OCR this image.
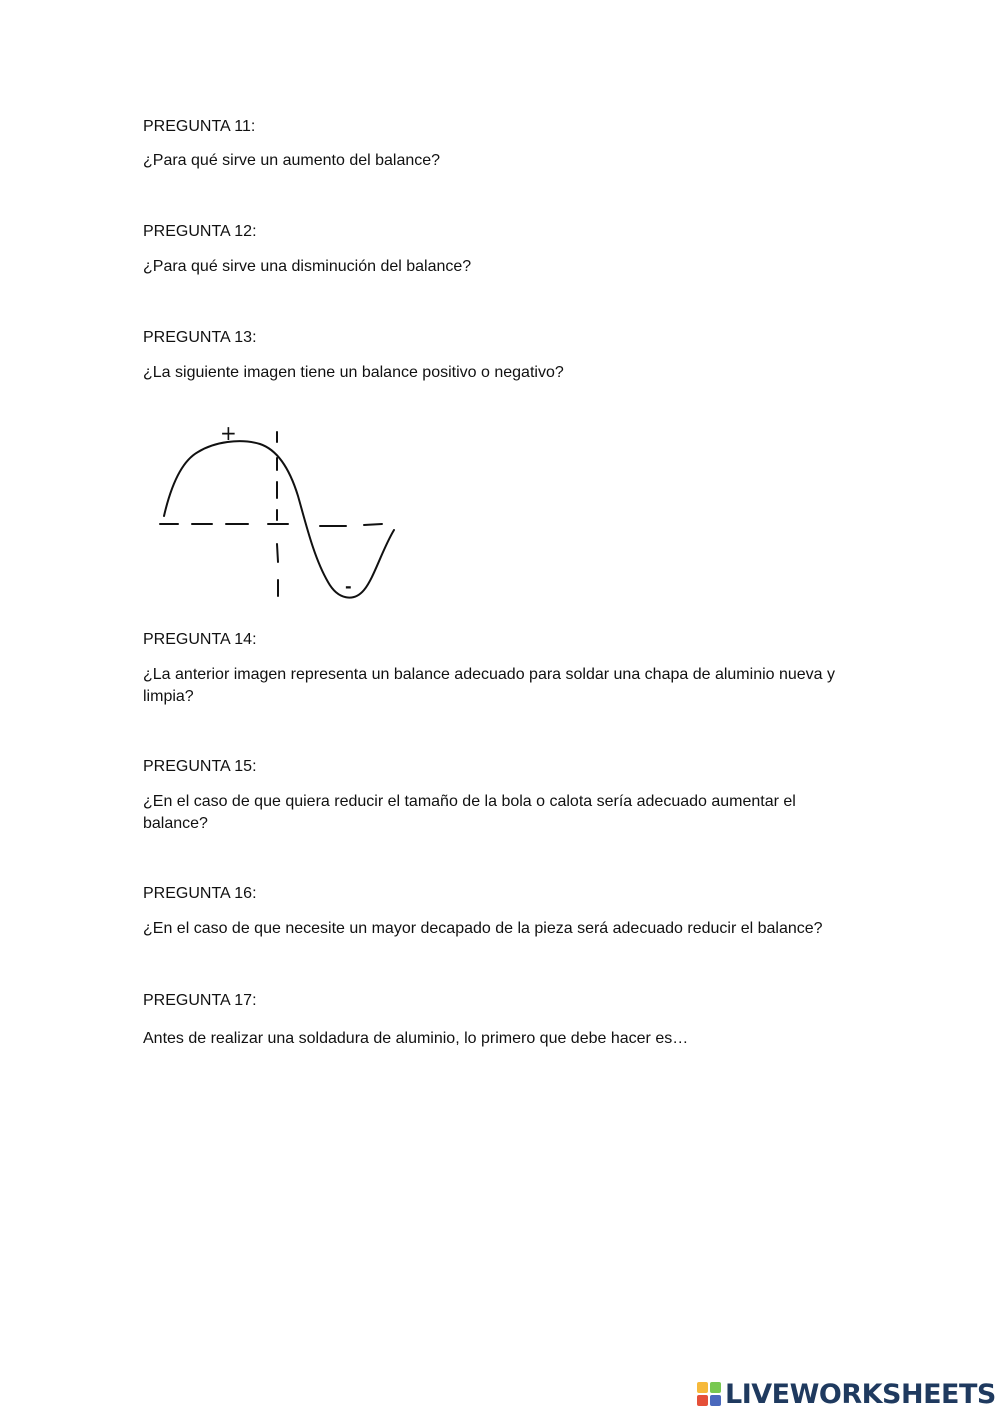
PREGUNTA 11:
¿Para qué sirve un aumento del balance?
PREGUNTA 12:
¿Para qué sirve una disminución del balance?
PREGUNTA 13:
¿La siguiente imagen tiene un balance positivo o negativo?
+
-
PREGUNTA 14:
¿La anterior imagen representa un balance adecuado para soldar una chapa de aluminio nueva y limpia?
PREGUNTA 15:
¿En el caso de que quiera reducir el tamaño de la bola o calota sería adecuado aumentar el balance?
PREGUNTA 16:
¿En el caso de que necesite un mayor decapado de la pieza será adecuado reducir el balance?
PREGUNTA 17:
Antes de realizar una soldadura de aluminio, lo primero que debe hacer es…
LIVEWORKSHEETS
